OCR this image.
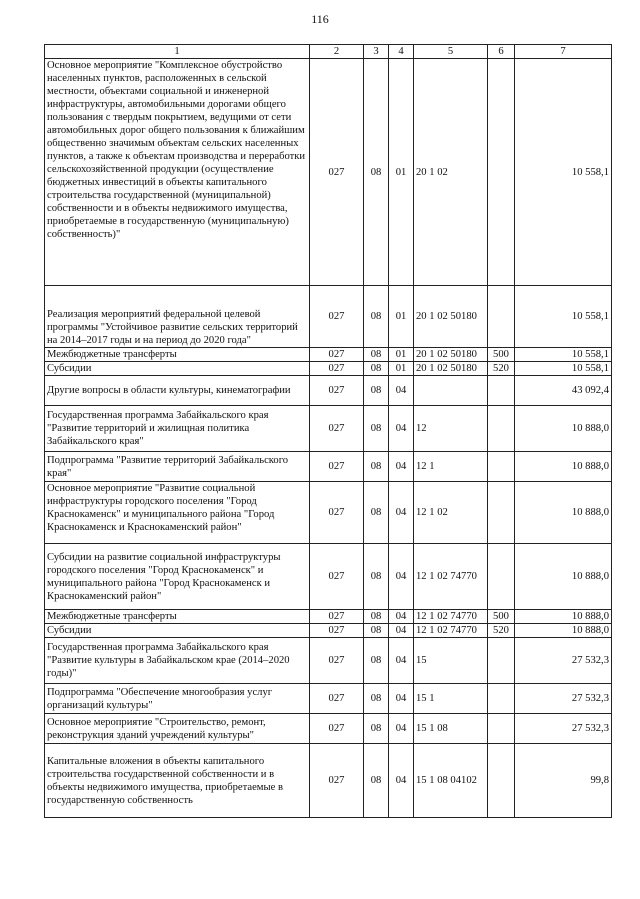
116
1	2	3	4	5	6	7
Основное мероприятие "Комплексное обустройство населенных пунктов, расположенных в сельской местности, объектами социальной и инженерной инфраструктуры, автомобильными дорогами общего пользования с твердым покрытием, ведущими от сети автомобильных дорог общего пользования к ближайшим общественно значимым объектам сельских населенных пунктов, а также к объектам производства и переработки сельскохозяйственной продукции (осуществление бюджетных инвестиций в объекты капитального строительства государственной (муниципальной) собственности и в объекты недвижимого имущества, приобретаемые в государственную (муниципальную) собственность)"	027	08	01	20 1 02		10 558,1
Реализация мероприятий федеральной целевой программы "Устойчивое развитие сельских территорий на 2014–2017 годы и на период до 2020 года"	027	08	01	20 1 02 50180		10 558,1
Межбюджетные трансферты	027	08	01	20 1 02 50180	500	10 558,1
Субсидии	027	08	01	20 1 02 50180	520	10 558,1
Другие вопросы в области культуры, кинематографии	027	08	04			43 092,4
Государственная программа Забайкальского края "Развитие территорий и жилищная политика Забайкальского края"	027	08	04	12		10 888,0
Подпрограмма "Развитие территорий Забайкальского края"	027	08	04	12 1		10 888,0
Основное мероприятие "Развитие социальной инфраструктуры городского поселения "Город Краснокаменск" и муниципального района "Город Краснокаменск и Краснокаменский район"	027	08	04	12 1 02		10 888,0
Субсидии на развитие социальной инфраструктуры городского поселения "Город Краснокаменск" и муниципального района "Город Краснокаменск и Краснокаменский район"	027	08	04	12 1 02 74770		10 888,0
Межбюджетные трансферты	027	08	04	12 1 02 74770	500	10 888,0
Субсидии	027	08	04	12 1 02 74770	520	10 888,0
Государственная программа Забайкальского края "Развитие культуры в Забайкальском крае (2014–2020 годы)"	027	08	04	15		27 532,3
Подпрограмма "Обеспечение многообразия услуг организаций культуры"	027	08	04	15 1		27 532,3
Основное мероприятие "Строительство, ремонт, реконструкция зданий учреждений культуры"	027	08	04	15 1 08		27 532,3
Капитальные вложения в объекты капитального строительства государственной собственности и в объекты недвижимого имущества, приобретаемые в государственную собственность	027	08	04	15 1 08 04102		99,8
